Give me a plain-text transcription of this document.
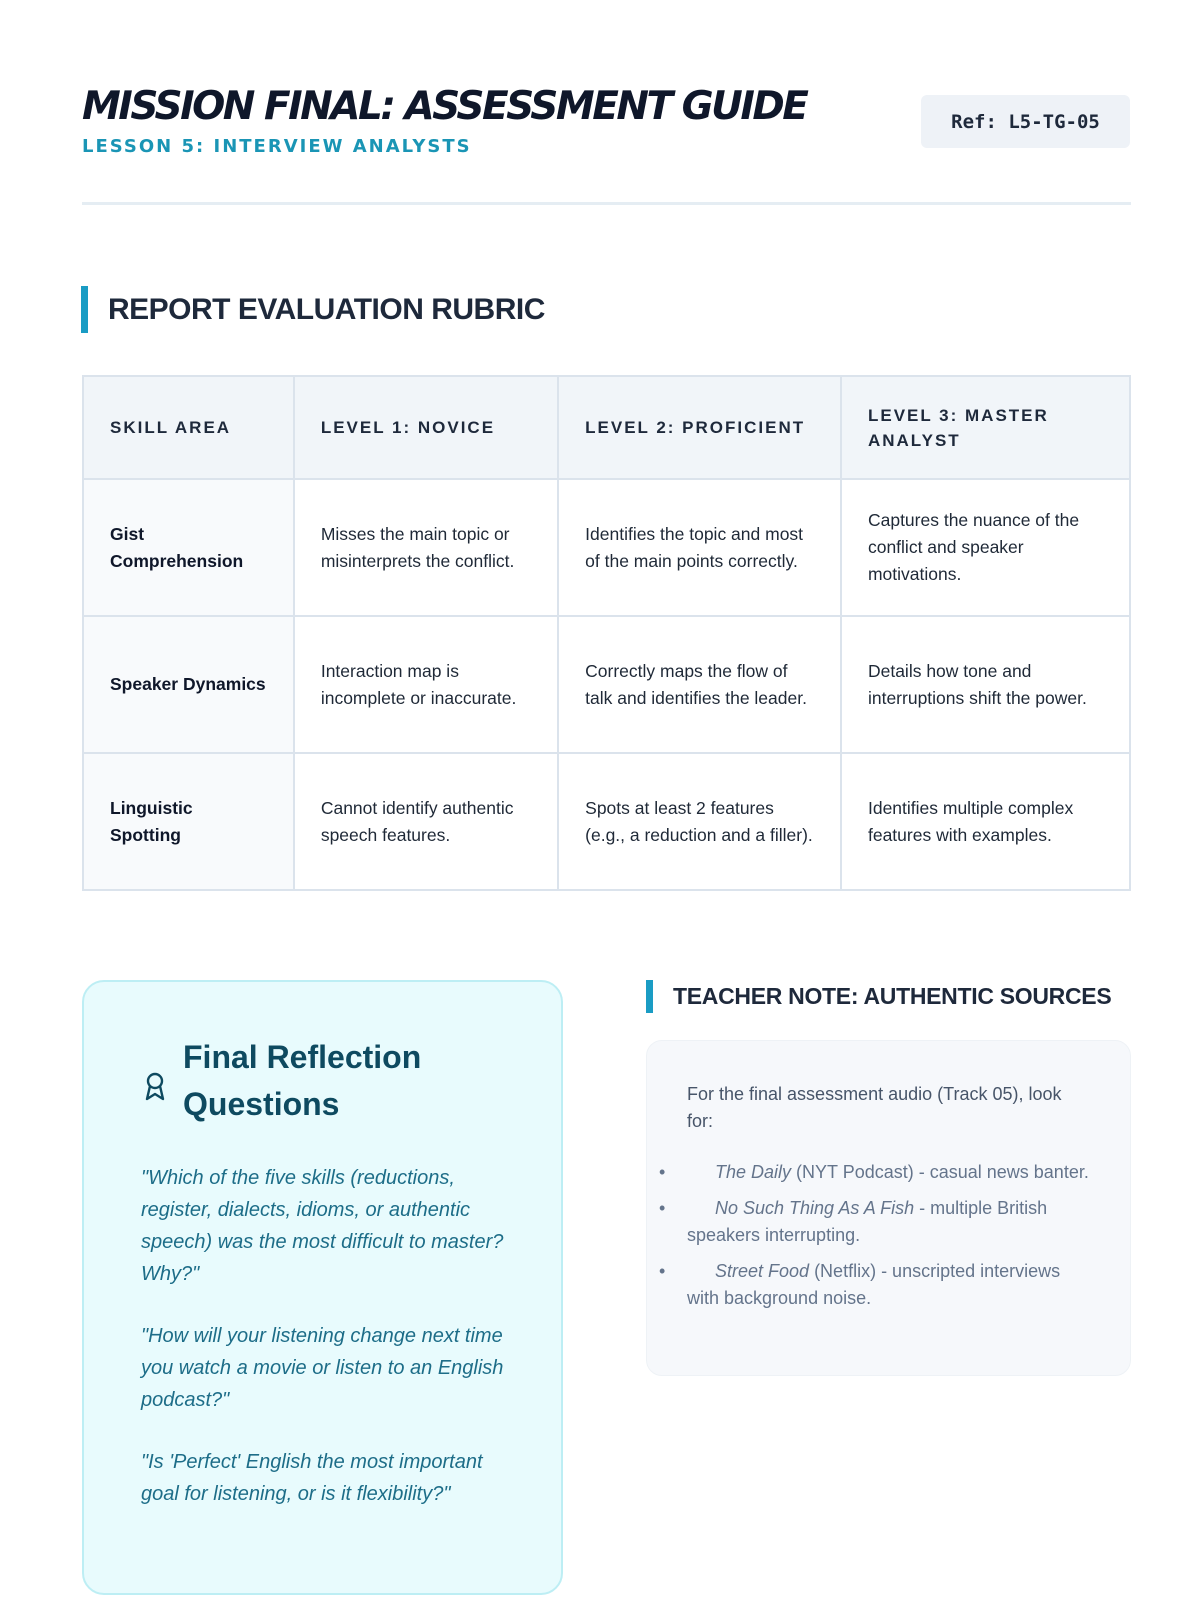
MISSION FINAL: ASSESSMENT GUIDE
LESSON 5: INTERVIEW ANALYSTS
Ref: L5-TG-05
REPORT EVALUATION RUBRIC
SKILL AREA	LEVEL 1: NOVICE	LEVEL 2: PROFICIENT	LEVEL 3: MASTER ANALYST
Gist Comprehension	Misses the main topic or misinterprets the conflict.	Identifies the topic and most of the main points correctly.	Captures the nuance of the conflict and speaker motivations.
Speaker Dynamics	Interaction map is incomplete or inaccurate.	Correctly maps the flow of talk and identifies the leader.	Details how tone and interruptions shift the power.
Linguistic Spotting	Cannot identify authentic speech features.	Spots at least 2 features (e.g., a reduction and a filler).	Identifies multiple complex features with examples.
Final Reflection Questions

"Which of the five skills (reductions, register, dialects, idioms, or authentic speech) was the most difficult to master? Why?"

"How will your listening change next time you watch a movie or listen to an English podcast?"

"Is 'Perfect' English the most important goal for listening, or is it flexibility?"

TEACHER NOTE: AUTHENTIC SOURCES

For the final assessment audio (Track 05), look for:

•	The Daily (NYT Podcast) - casual news banter.
•	No Such Thing As A Fish - multiple British speakers interrupting.
•	Street Food (Netflix) - unscripted interviews with background noise.
